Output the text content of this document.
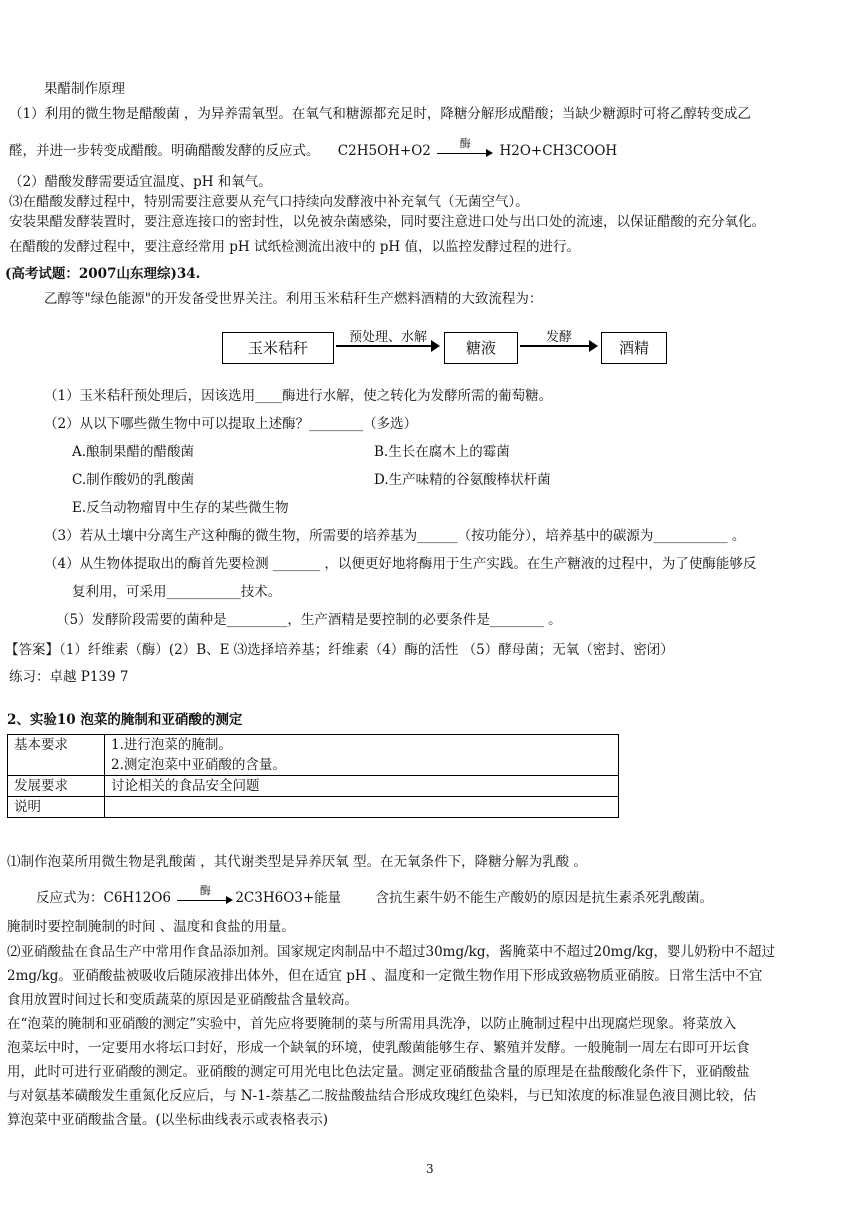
果醋制作原理
（1）利用的微生物是醋酸菌 ，为异养需氧型。在氧气和糖源都充足时，降糖分解形成醋酸；当缺少糖源时可将乙醇转变成乙
醛，并进一步转变成醋酸。明确醋酸发酵的反应式。 C2H5OH+O2	酶	H2O+CH3COOH
（2）醋酸发酵需要适宜温度、pH 和氧气。
⑶在醋酸发酵过程中，特别需要注意要从充气口持续向发酵液中补充氧气（无菌空气）。
安装果醋发酵装置时，要注意连接口的密封性，以免被杂菌感染，同时要注意进口处与出口处的流速，以保证醋酸的充分氧化。
在醋酸的发酵过程中，要注意经常用 pH 试纸检测流出液中的 pH 值，以监控发酵过程的进行。
(高考试题：2007山东理综)34.
乙醇等"绿色能源"的开发备受世界关注。利用玉米秸秆生产燃料酒精的大致流程为：
玉米秸秆
预处理、水解
糖液
发酵
酒精
（1）玉米秸秆预处理后，因该选用____酶进行水解，使之转化为发酵所需的葡萄糖。
（2）从以下哪些微生物中可以提取上述酶？________（多选）
A.酿制果醋的醋酸菌	B.生长在腐木上的霉菌
C.制作酸奶的乳酸菌	D.生产味精的谷氨酸棒状杆菌
E.反刍动物瘤胃中生存的某些微生物
（3）若从土壤中分离生产这种酶的微生物，所需要的培养基为______（按功能分），培养基中的碳源为___________ 。
（4）从生物体提取出的酶首先要检测 _______ ，以便更好地将酶用于生产实践。在生产糖液的过程中，为了使酶能够反
复利用，可采用___________技术。
（5）发酵阶段需要的菌种是_________，生产酒精是要控制的必要条件是________ 。
【答案】（1）纤维素（酶）(2）B、E ⑶选择培养基；纤维素（4）酶的活性 （5）酵母菌；无氧（密封、密闭）
练习：卓越 P139 7
2、实验10 泡菜的腌制和亚硝酸的测定
基本要求	1.进行泡菜的腌制。
2.测定泡菜中亚硝酸的含量。

发展要求	讨论相关的食品安全问题
说明	
⑴制作泡菜所用微生物是乳酸菌 ，其代谢类型是异养厌氧 型。在无氧条件下，降糖分解为乳酸 。
反应式为：C6H12O6	酶	2C3H6O3+能量	含抗生素牛奶不能生产酸奶的原因是抗生素杀死乳酸菌。
腌制时要控制腌制的时间 、温度和食盐的用量。
⑵亚硝酸盐在食品生产中常用作食品添加剂。国家规定肉制品中不超过30mg/kg，酱腌菜中不超过20mg/kg，婴儿奶粉中不超过
2mg/kg。亚硝酸盐被吸收后随尿液排出体外，但在适宜 pH 、温度和一定微生物作用下形成致癌物质亚硝胺。日常生活中不宜
食用放置时间过长和变质蔬菜的原因是亚硝酸盐含量较高。
在“泡菜的腌制和亚硝酸的测定”实验中，首先应将要腌制的菜与所需用具洗净，以防止腌制过程中出现腐烂现象。将菜放入
泡菜坛中时，一定要用水将坛口封好，形成一个缺氧的环境，使乳酸菌能够生存、繁殖并发酵。一般腌制一周左右即可开坛食
用，此时可进行亚硝酸的测定。亚硝酸的测定可用光电比色法定量。测定亚硝酸盐含量的原理是在盐酸酸化条件下，亚硝酸盐
与对氨基苯磺酸发生重氮化反应后，与 N-1-萘基乙二胺盐酸盐结合形成玫瑰红色染料，与已知浓度的标准显色液目测比较，估
算泡菜中亚硝酸盐含量。(以坐标曲线表示或表格表示)
3
